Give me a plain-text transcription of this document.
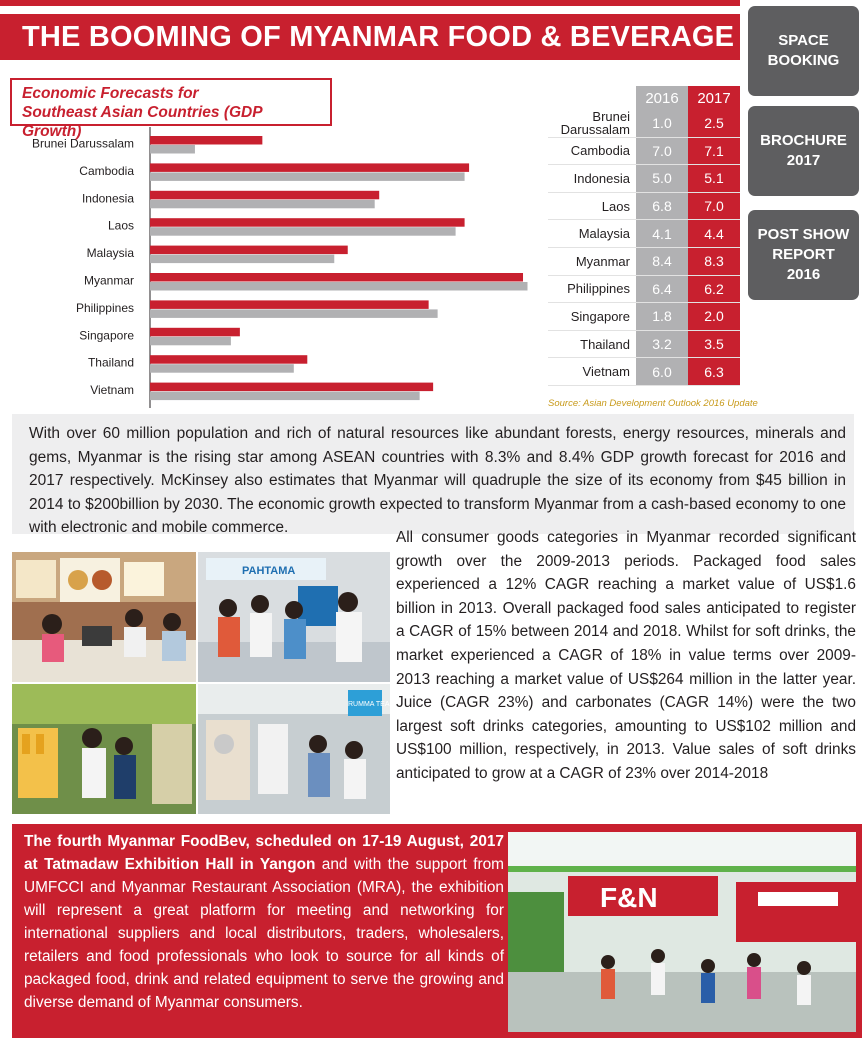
THE BOOMING OF MYANMAR FOOD & BEVERAGE	SPACE
BOOKING
BROCHURE
2017
POST SHOW
REPORT 2016
Brunei Darussalam
Cambodia
Indonesia
Laos
Malaysia
Myanmar
Philippines
Singapore
Thailand
Vietnam
Economic Forecasts for
Southeast Asian Countries (GDP Growth)
2016	2017
Brunei Darussalam	1.0	2.5
Cambodia	7.0	7.1
Indonesia	5.0	5.1
Laos	6.8	7.0
Malaysia	4.1	4.4
Myanmar	8.4	8.3
Philippines	6.4	6.2
Singapore	1.8	2.0
Thailand	3.2	3.5
Vietnam	6.0	6.3
Source: Asian Development Outlook 2016 Update
With over 60 million population and rich of natural resources like abundant forests, energy resources, minerals and gems, Myanmar is the rising star among ASEAN countries with 8.3% and 8.4% GDP growth forecast for 2016 and 2017 respectively. McKinsey also estimates that Myanmar will quadruple the size of its economy from $45 billion in 2014 to $200billion by 2030. The economic growth expected to transform Myanmar from a cash-based economy to one with electronic and mobile commerce.
PAHTAMA
RUMMA TEA
All consumer goods categories in Myanmar recorded significant growth over the 2009-2013 periods. Packaged food sales experienced a 12% CAGR reaching a market value of US$1.6 billion in 2013. Overall packaged food sales anticipated to register a CAGR of 15% between 2014 and 2018. Whilst for soft drinks, the market experienced a CAGR of 18% in value terms over 2009-2013 reaching a market value of US$264 million in the latter year. Juice (CAGR 23%) and carbonates (CAGR 14%) were the two largest soft drinks categories, amounting to US$102 million and US$100 million, respectively, in 2013. Value sales of soft drinks anticipated to grow at a CAGR of 23% over 2014-2018
The fourth Myanmar FoodBev, scheduled on 17-19 August, 2017 at Tatmadaw Exhibition Hall in Yangon and with the support from UMFCCI and Myanmar Restaurant Association (MRA), the exhibition will represent a great platform for meeting and networking for international suppliers and local distributors, traders, wholesalers, retailers and food professionals who look to source for all kinds of packaged food, drink and related equipment to serve the growing and diverse demand of Myanmar consumers.
F&N
